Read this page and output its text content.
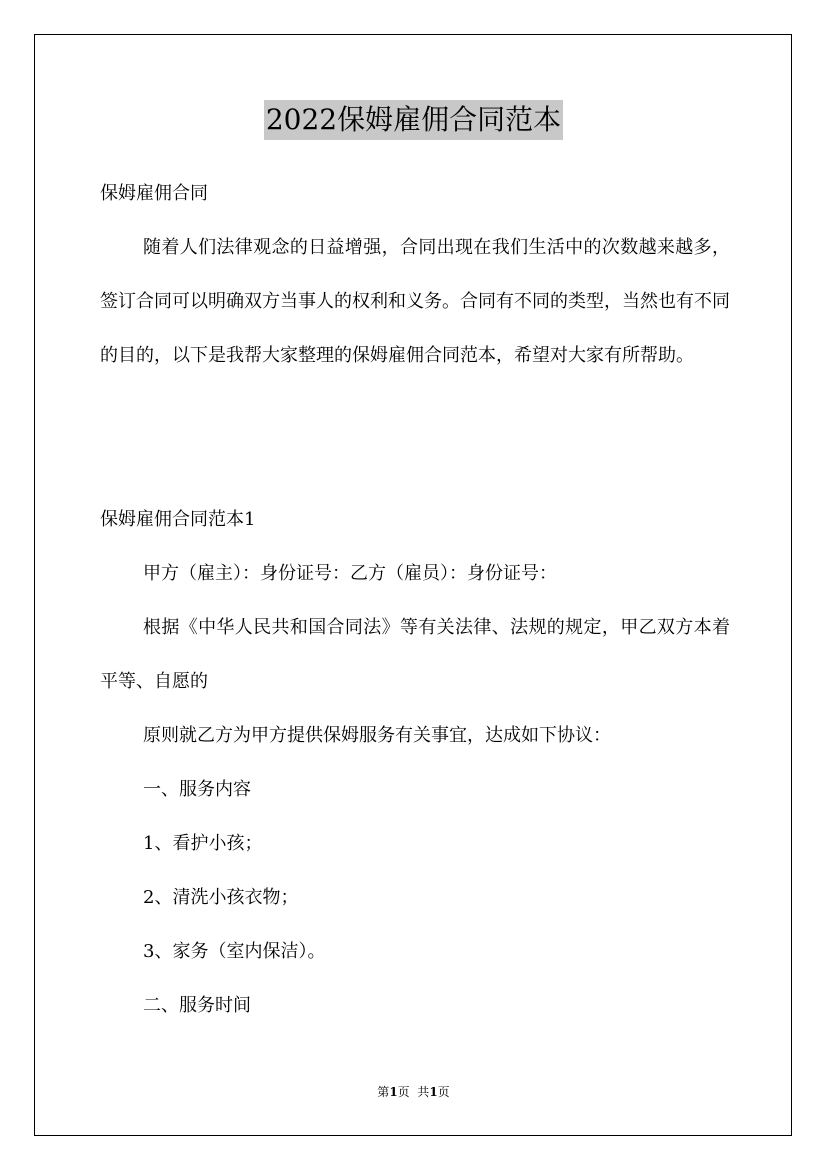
2022保姆雇佣合同范本

保姆雇佣合同

随着人们法律观念的日益增强，合同出现在我们生活中的次数越来越多，签订合同可以明确双方当事人的权利和义务。合同有不同的类型，当然也有不同的目的，以下是我帮大家整理的保姆雇佣合同范本，希望对大家有所帮助。

保姆雇佣合同范本1

甲方（雇主）：身份证号：乙方（雇员）：身份证号：

根据《中华人民共和国合同法》等有关法律、法规的规定，甲乙双方本着平等、自愿的

原则就乙方为甲方提供保姆服务有关事宜，达成如下协议：

一、服务内容

1、看护小孩；

2、清洗小孩衣物；

3、家务（室内保洁）。

二、服务时间

第1页  共1页
